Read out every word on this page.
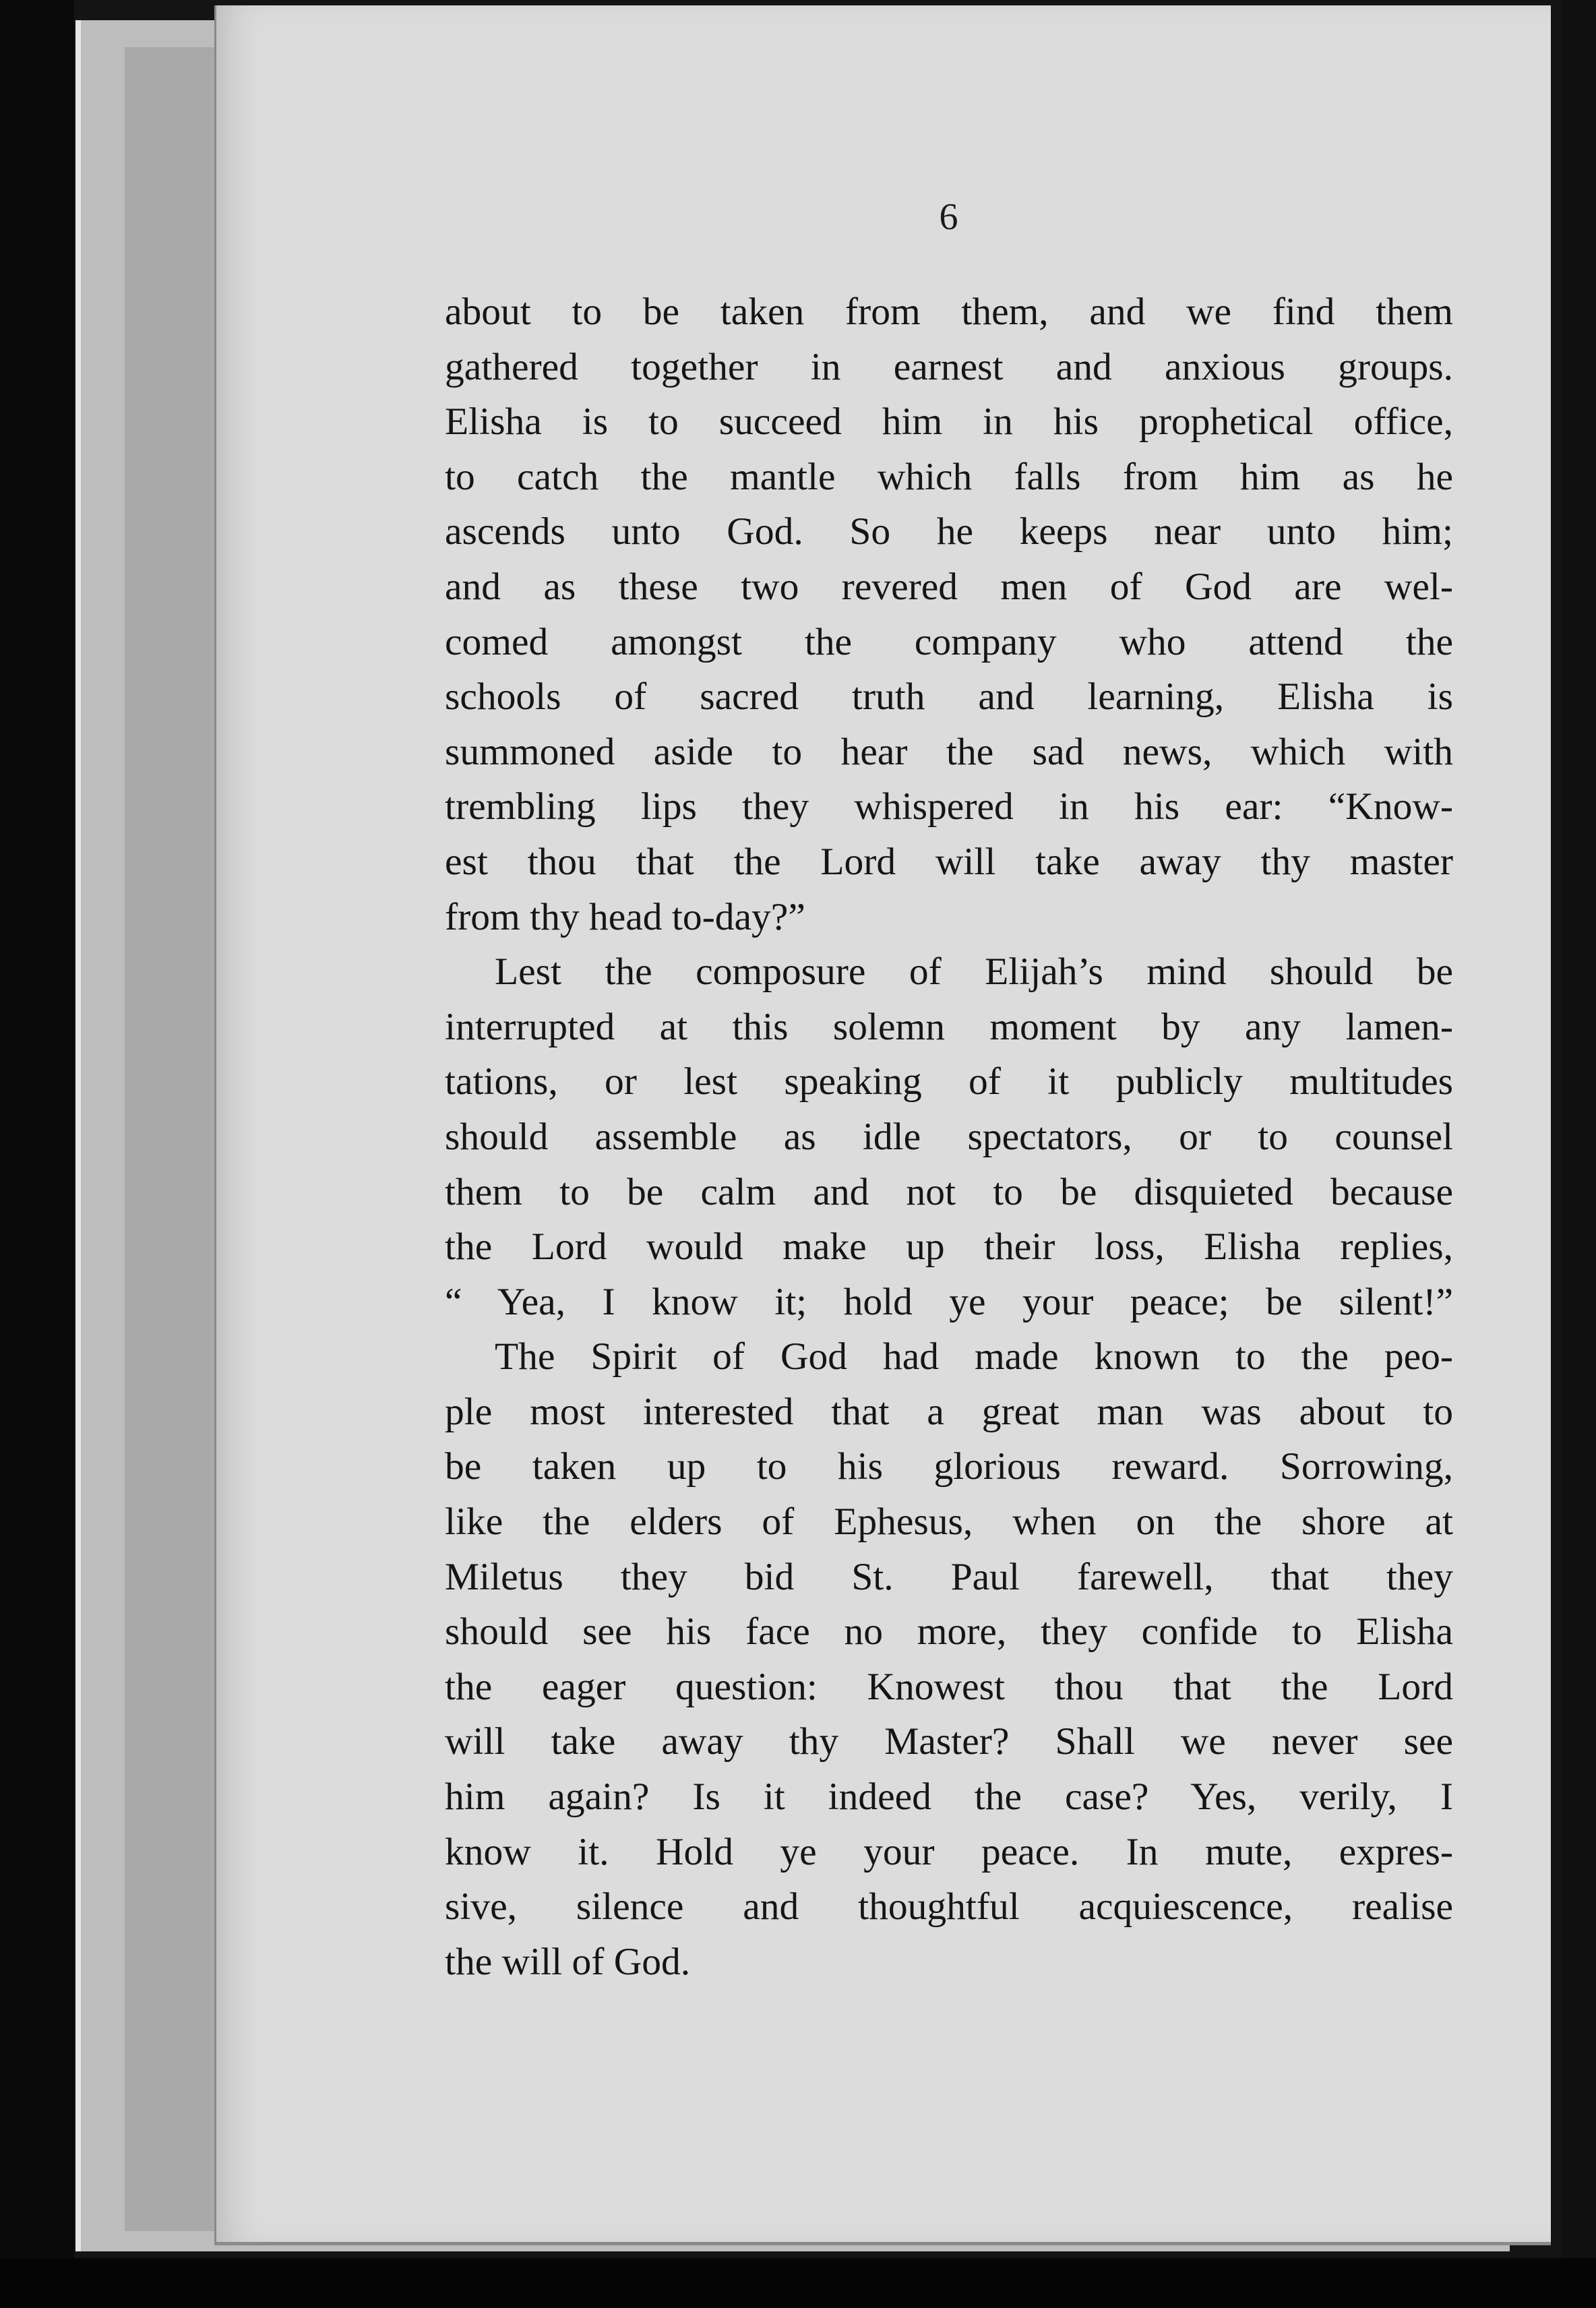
6
about to be taken from them, and we find them
gathered together in earnest and anxious groups.
Elisha is to succeed him in his prophetical office,
to catch the mantle which falls from him as he
ascends unto God. So he keeps near unto him;
and as these two revered men of God are wel-
comed amongst the company who attend the
schools of sacred truth and learning, Elisha is
summoned aside to hear the sad news, which with
trembling lips they whispered in his ear: “Know-
est thou that the Lord will take away thy master
from thy head to-day?”
Lest the composure of Elijah’s mind should be
interrupted at this solemn moment by any lamen-
tations, or lest speaking of it publicly multitudes
should assemble as idle spectators, or to counsel
them to be calm and not to be disquieted because
the Lord would make up their loss, Elisha replies,
“ Yea, I know it; hold ye your peace; be silent!”
The Spirit of God had made known to the peo-
ple most interested that a great man was about to
be taken up to his glorious reward. Sorrowing,
like the elders of Ephesus, when on the shore at
Miletus they bid St. Paul farewell, that they
should see his face no more, they confide to Elisha
the eager question: Knowest thou that the Lord
will take away thy Master? Shall we never see
him again? Is it indeed the case? Yes, verily, I
know it. Hold ye your peace. In mute, expres-
sive, silence and thoughtful acquiescence, realise
the will of God.
